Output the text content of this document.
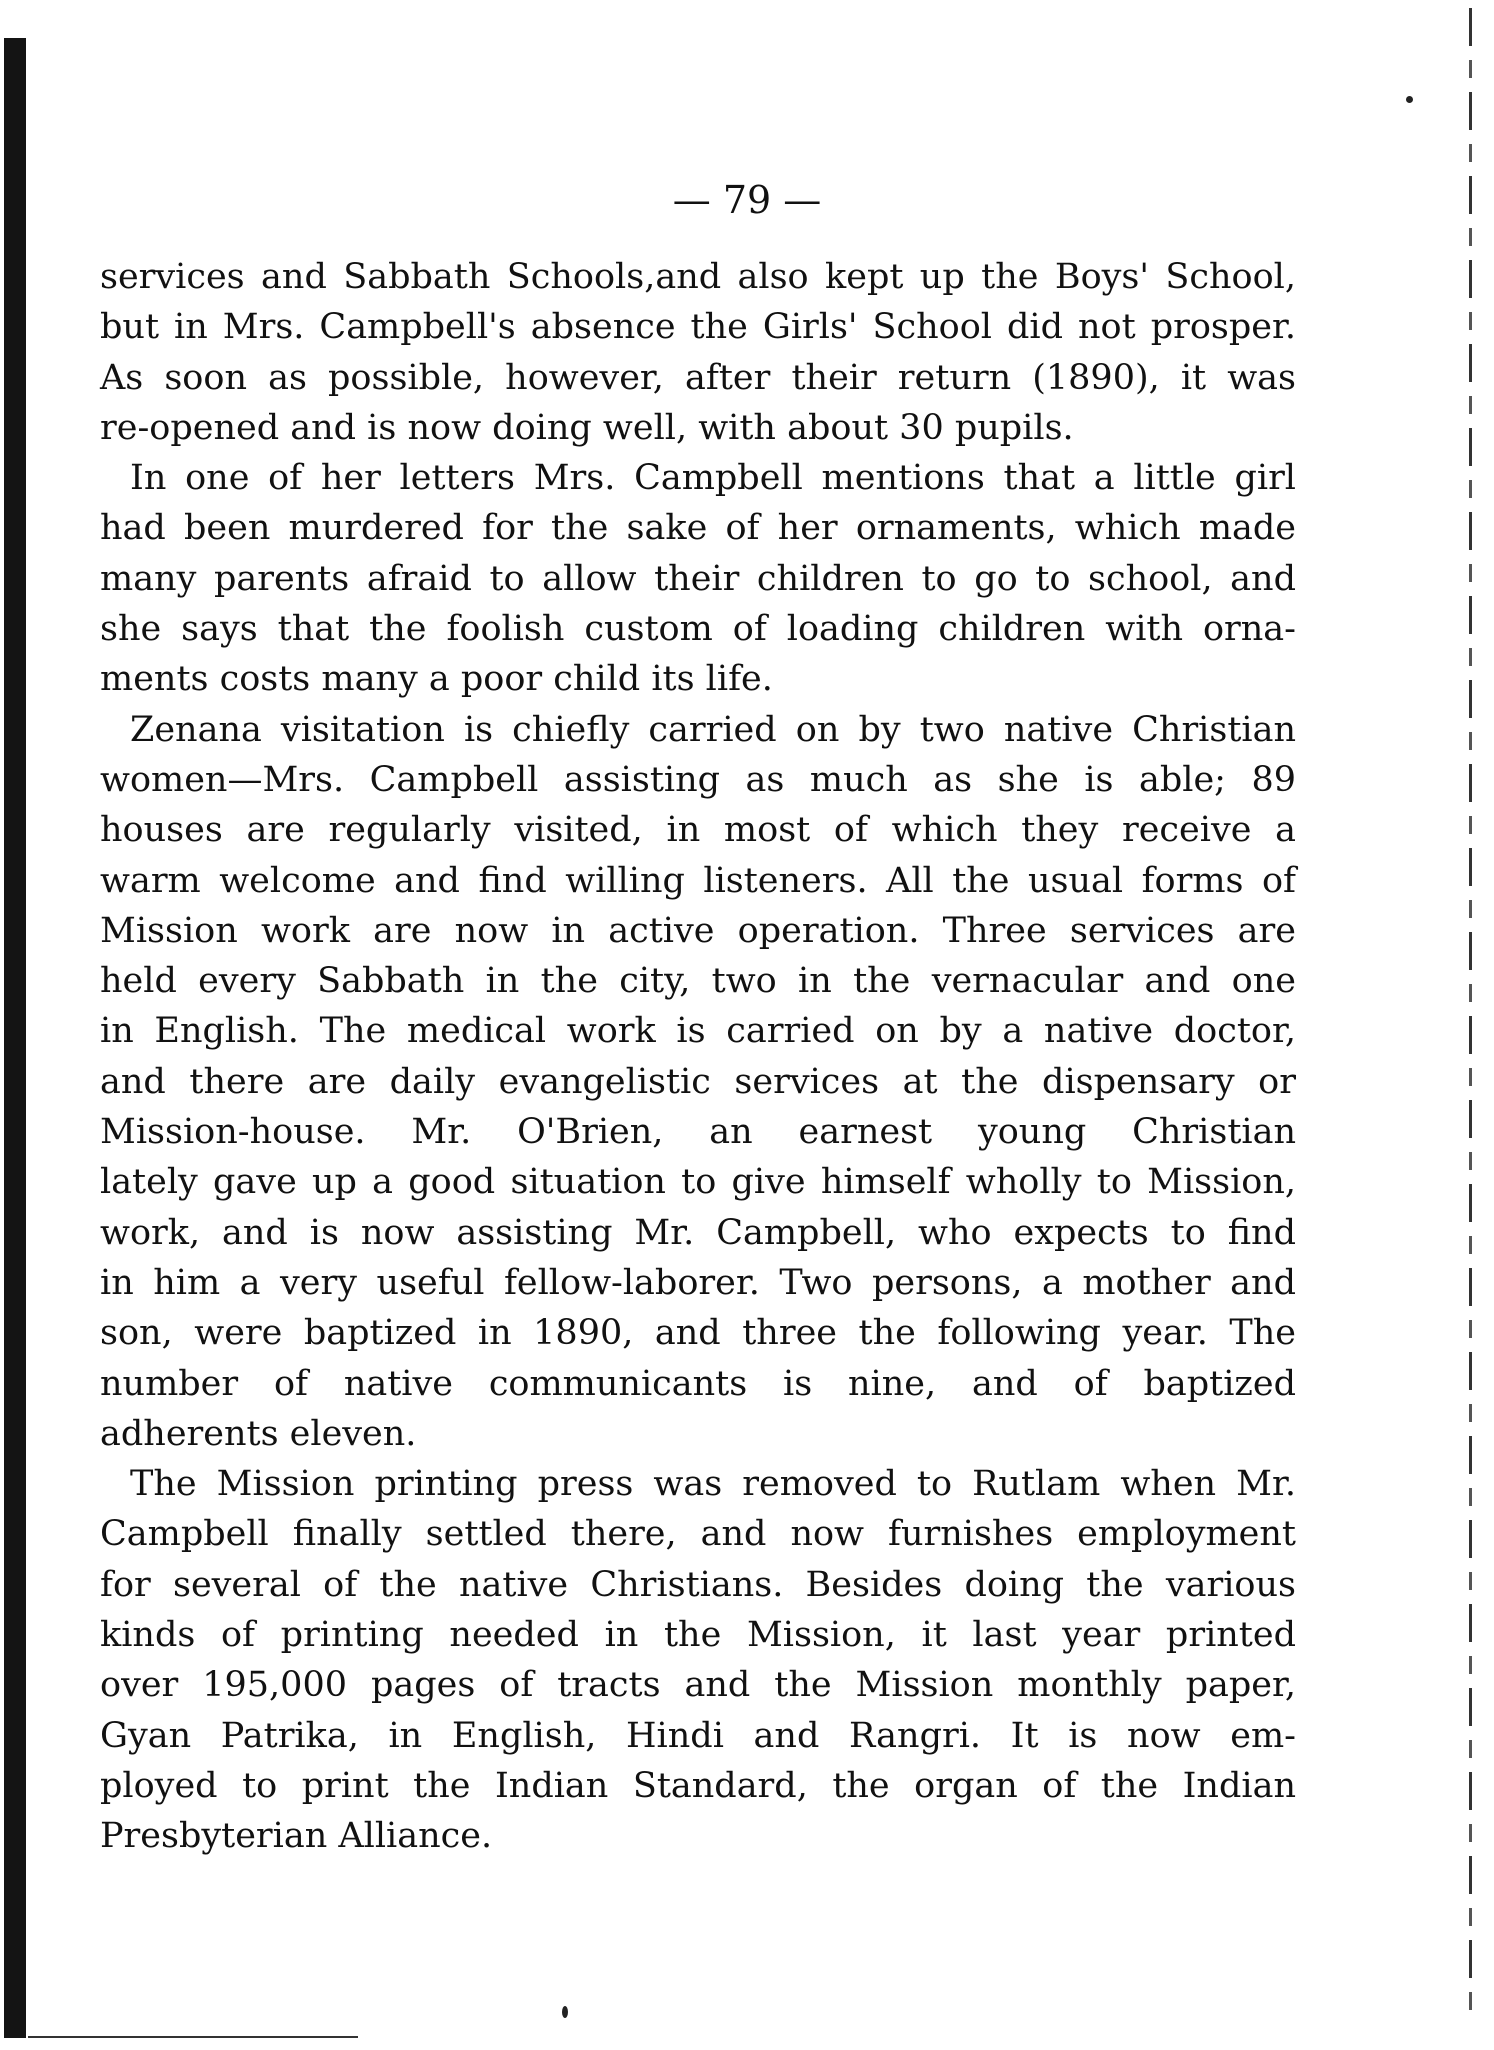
— 79 —
services and Sabbath Schools,and also kept up the Boys' School,
but in Mrs. Campbell's absence the Girls' School did not prosper.
As soon as possible, however, after their return (1890), it was
re-opened and is now doing well, with about 30 pupils.
In one of her letters Mrs. Campbell mentions that a little girl
had been murdered for the sake of her ornaments, which made
many parents afraid to allow their children to go to school, and
she says that the foolish custom of loading children with orna-
ments costs many a poor child its life.
Zenana visitation is chiefly carried on by two native Christian
women—Mrs. Campbell assisting as much as she is able; 89
houses are regularly visited, in most of which they receive a
warm welcome and find willing listeners. All the usual forms of
Mission work are now in active operation. Three services are
held every Sabbath in the city, two in the vernacular and one
in English. The medical work is carried on by a native doctor,
and there are daily evangelistic services at the dispensary or
Mission-house. Mr. O'Brien, an earnest young Christian
lately gave up a good situation to give himself wholly to Mission,
work, and is now assisting Mr. Campbell, who expects to find
in him a very useful fellow-laborer. Two persons, a mother and
son, were baptized in 1890, and three the following year. The
number of native communicants is nine, and of baptized
adherents eleven.
The Mission printing press was removed to Rutlam when Mr.
Campbell finally settled there, and now furnishes employment
for several of the native Christians. Besides doing the various
kinds of printing needed in the Mission, it last year printed
over 195,000 pages of tracts and the Mission monthly paper,
Gyan Patrika, in English, Hindi and Rangri. It is now em-
ployed to print the Indian Standard, the organ of the Indian
Presbyterian Alliance.
